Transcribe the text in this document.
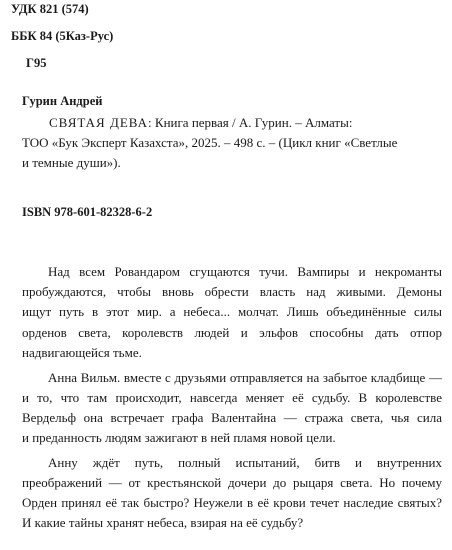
УДК 821 (574)
ББК 84 (5Каз-Рус)
Г95
Гурин Андрей
СВЯТАЯ ДЕВА: Книга первая / А. Гурин. – Алматы:
ТОО «Бук Эксперт Казахста», 2025. – 498 с. – (Цикл книг «Светлые
и темные души»).
ISBN 978-601-82328-6-2

Над всем Ровандаром сгущаются тучи. Вампиры и некроманты
пробуждаются, чтобы вновь обрести власть над живыми. Демоны
ищут путь в этот мир. а небеса... молчат. Лишь объединённые силы
орденов света, королевств людей и эльфов способны дать отпор
надвигающейся тьме.

Анна Вильм. вместе с друзьями отправляется на забытое кладбище —
и то, что там происходит, навсегда меняет её судьбу. В королевстве
Вердельф она встречает графа Валентайна — стража света, чья сила
и преданность людям зажигают в ней пламя новой цели.

Анну ждёт путь, полный испытаний, битв и внутренних
преображений — от крестьянской дочери до рыцаря света. Но почему
Орден принял её так быстро? Неужели в её крови течет наследие святых?
И какие тайны хранят небеса, взирая на её судьбу?
